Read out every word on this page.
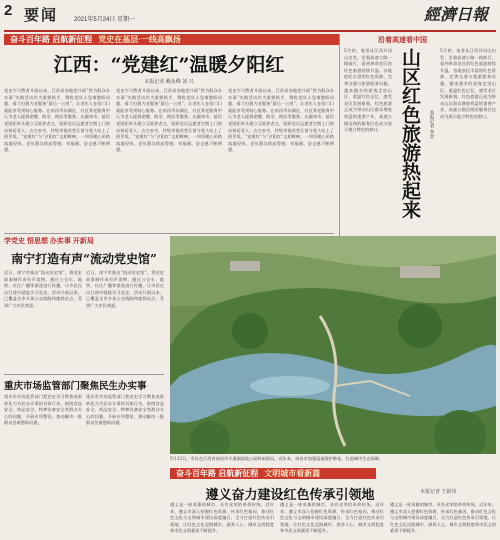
2 要闻	2021年5月24日 星期一	經濟日報
奋斗百年路 启航新征程 党史在基层·一线高飘扬
江西：“党建红”温暖夕阳红
本报记者 赖永峰 刘 兴
党史学习教育开展以来，江西省各地把开展“我为群众办实事”实践活动作为重要抓手，聚焦老年人急难愁盼问题，着力打通为老服务“最后一公里”，让老年人在家门口就能享受到贴心服务。在南昌市东湖区，社区养老服务中心为老人提供助餐、助浴、助医等服务；在赣州市，基层党组织牵头建立互助养老点，组织党员志愿者定期上门探访独居老人；在吉安市，村级幸福食堂让留守老人吃上了热乎饭。“党建红”与“夕阳红”交相辉映，一项项暖心举措落地见效，老年群众的获得感、幸福感、安全感不断增强。
党史学习教育开展以来，江西省各地把开展“我为群众办实事”实践活动作为重要抓手，聚焦老年人急难愁盼问题，着力打通为老服务“最后一公里”，让老年人在家门口就能享受到贴心服务。在南昌市东湖区，社区养老服务中心为老人提供助餐、助浴、助医等服务；在赣州市，基层党组织牵头建立互助养老点，组织党员志愿者定期上门探访独居老人；在吉安市，村级幸福食堂让留守老人吃上了热乎饭。“党建红”与“夕阳红”交相辉映，一项项暖心举措落地见效，老年群众的获得感、幸福感、安全感不断增强。
党史学习教育开展以来，江西省各地把开展“我为群众办实事”实践活动作为重要抓手，聚焦老年人急难愁盼问题，着力打通为老服务“最后一公里”，让老年人在家门口就能享受到贴心服务。在南昌市东湖区，社区养老服务中心为老人提供助餐、助浴、助医等服务；在赣州市，基层党组织牵头建立互助养老点，组织党员志愿者定期上门探访独居老人；在吉安市，村级幸福食堂让留守老人吃上了热乎饭。“党建红”与“夕阳红”交相辉映，一项项暖心举措落地见效，老年群众的获得感、幸福感、安全感不断增强。
沿着高速看中国
5月初，笔者从江西井冈山出发，沿着高速公路一路前行，看到革命老区的红色旅游持续升温。各地依托丰富的红色资源，完善交通与旅游服务设施，越来越多的游客走进山区，重温红色记忆，感受老区发展新貌。红色旅游正成为带动山区群众增收致富的重要产业，高速公路沿线的服务区也成为展示地方特色的窗口。 山区红色旅游热起来	本报记者 李景
5月初，笔者从江西井冈山出发，沿着高速公路一路前行，看到革命老区的红色旅游持续升温。各地依托丰富的红色资源，完善交通与旅游服务设施，越来越多的游客走进山区，重温红色记忆，感受老区发展新貌。红色旅游正成为带动山区群众增收致富的重要产业，高速公路沿线的服务区也成为展示地方特色的窗口。
学党史 悟思想 办实事 开新局
南宁打造有声“流动党史馆”
近日，南宁市推出“流动党史馆”，将党史故事制作成有声读物，通过公交车、地铁、社区广播等渠道进行传播，让市民在出行途中就能学习党史。活动开展以来，已覆盖全市多条公交线路和地铁站点，受到广大市民欢迎。
近日，南宁市推出“流动党史馆”，将党史故事制作成有声读物，通过公交车、地铁、社区广播等渠道进行传播，让市民在出行途中就能学习党史。活动开展以来，已覆盖全市多条公交线路和地铁站点，受到广大市民欢迎。
重庆市场监管部门聚焦民生办实事
重庆市市场监管部门把党史学习教育成果转化为为民办实事的具体行动，围绕食品安全、药品安全、特种设备安全等群众关心的问题，开展专项整治，推动解决一批群众急难愁盼问题。
重庆市市场监管部门把党史学习教育成果转化为为民办实事的具体行动，围绕食品安全、药品安全、特种设备安全等群众关心的问题，开展专项整治，推动解决一批群众急难愁盼问题。
5月22日，市民在江西省南昌市艾溪湖湿地公园休闲游玩。近年来，南昌市加强湿地保护修复，打造城市生态绿肺。
奋斗百年路 启航新征程 文明城市看新篇
遵义奋力建设红色传承引领地	本报记者 王新伟
遵义是一座英雄的城市，具有光荣的革命传统。近年来，遵义市深入挖掘红色资源，传承红色基因，推动红色文化与文明城市建设深度融合，全力打造红色传承引领地，让红色文化浸润城市、滋养人心，城市文明程度和市民文明素质不断提升。
遵义是一座英雄的城市，具有光荣的革命传统。近年来，遵义市深入挖掘红色资源，传承红色基因，推动红色文化与文明城市建设深度融合，全力打造红色传承引领地，让红色文化浸润城市、滋养人心，城市文明程度和市民文明素质不断提升。
遵义是一座英雄的城市，具有光荣的革命传统。近年来，遵义市深入挖掘红色资源，传承红色基因，推动红色文化与文明城市建设深度融合，全力打造红色传承引领地，让红色文化浸润城市、滋养人心，城市文明程度和市民文明素质不断提升。
